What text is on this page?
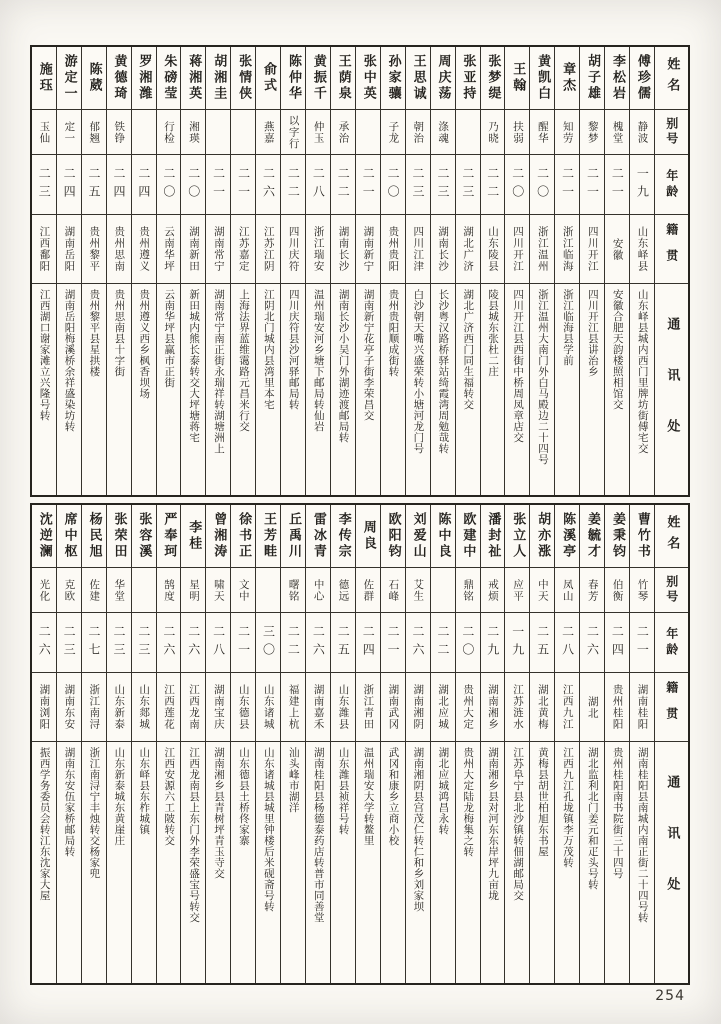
姓名
别号
年龄
籍贯
通讯处
傅珍儒
静波
一九
山东峄县
山东峄县城内西门里牌坊街傅宅交
李松岩
槐堂
二一
安徽
安徽合肥天韵楼照相馆交
胡子雄
黎梦
二一
四川开江
四川开江县讲治乡
章杰
知劳
二一
浙江临海
浙江临海县学前
黄凯白
醒华
二〇
浙江温州
浙江温州大南门外白马殿边二十四号
王翰
扶弱
二〇
四川开江
四川开江县西街中桥周凤章店交
张梦缇
乃晓
二二
山东陵县
陵县城东张杜二庄
张亚持
二三
湖北广济
湖北广济西门同生福转交
周庆荡
涤魂
二三
湖南长沙
长沙粤汉路桥驿站绮霞湾周勉哉转
王思诚
朝治
二三
四川江津
白沙朝天嘴兴盛荣转小塘河龙门号
孙家骧
子龙
二〇
贵州贵阳
贵州贵阳顺成街转
张中英
二一
湖南新宁
湖南新宁花亭子街李荣昌交
王荫泉
承治
二二
湖南长沙
湖南长沙小吴门外湖迹渡邮局转
黄振千
仲玉
二八
浙江瑞安
温州瑞安河乡塘下邮局转仙岩
陈仲华
以字行
二二
四川庆符
四川庆符县沙河驿邮局转
俞式
燕嘉
二六
江苏江阴
江阴北门城内县湾里本宅
张情侠
二一
江苏嘉定
上海法界蓝维霭路元昌米行交
胡湘圭
二一
湖南常宁
湖南常宁南正街永瑞祥转湖塘洲上
蒋湘英
湘瑛
二〇
湖南新田
新田城内熊长泰转交大坪塘蒋宅
朱磅莹
行检
二〇
云南华坪
云南华坪县赢市正街
罗湘潍
二四
贵州遵义
贵州遵义西乡枫香坝场
黄德琦
铁铮
二四
贵州思南
贵州思南县十字街
陈葳
郁翘
二五
贵州黎平
贵州黎平县星拱楼
游定一
定一
二四
湖南岳阳
湖南岳阳梅溪桥余祥盛染坊转
施珏
玉仙
二三
江西鄱阳
江西湖口谢家滩立兴隆号转
姓名
别号
年龄
籍贯
通讯处
曹竹书
竹琴
二一
湖南桂阳
湖南桂阳县南城内南正街二十四号转
姜秉钧
伯衡
二四
贵州桂阳
贵州桂阳南书院街三十四号
姜毓才
春芳
二六
湖北
湖北监利北门姜元和疋头号转
陈溪亭
凤山
二八
江西九江
江西九江孔垅镇李万茂转
胡亦涨
中天
二五
湖北黄梅
黄梅县胡世柏旭东书屋
张立人
应平
一九
江苏涟水
江苏阜宁县北沙镇转佃湖邮局交
潘封祉
戒烦
二九
湖南湘乡
湖南湘乡县对河东东岸坪九亩垅
欧建中
鼎铭
二〇
贵州大定
贵州大定陆龙梅集之转
陈中良
二二
湖北应城
湖北应城鸿昌永转
刘爱山
艾生
二六
湖南湘阴
湖南湘阴县宫茂仁转仁和乡刘家坝
欧阳钧
石峰
二一
湖南武冈
武冈和康乡立商小校
周良
佐群
二四
浙江青田
温州瑞安大学转鳌里
李传宗
德远
二五
山东潍县
山东潍县祯祥号转
雷冰青
中心
二六
湖南嘉禾
湖南桂阳县杨德泰药店转普市同善堂
丘禹川
曙铭
二二
福建上杭
汕头峰市湖洋
王芳畦
三〇
山东诸城
山东诸城县城里钟楼后米砚斋号转
徐书正
文中
二一
山东德县
山东德县土桥佟家寨
曾湘涛
啸天
二八
湖南宝庆
湖南湘乡县青树坪青玉寺交
李桂
星明
二六
江西龙南
江西龙南县上东门外李荣盛宝号转交
严奉珂
鹄度
二六
江西莲花
江西安源六工陂转交
张容溪
二三
山东郯城
山东峄县东柞城镇
张荣田
华堂
二三
山东新泰
山东新泰城东黄崖庄
杨民旭
佐建
二七
浙江南浔
浙江南浔宁丰烛转交杨家兜
席中枢
克欧
二三
湖南东安
湖南东安伍家桥邮局转
沈逆澜
光化
二六
湖南浏阳
振西学务委员会转江东沈家大屋
254
